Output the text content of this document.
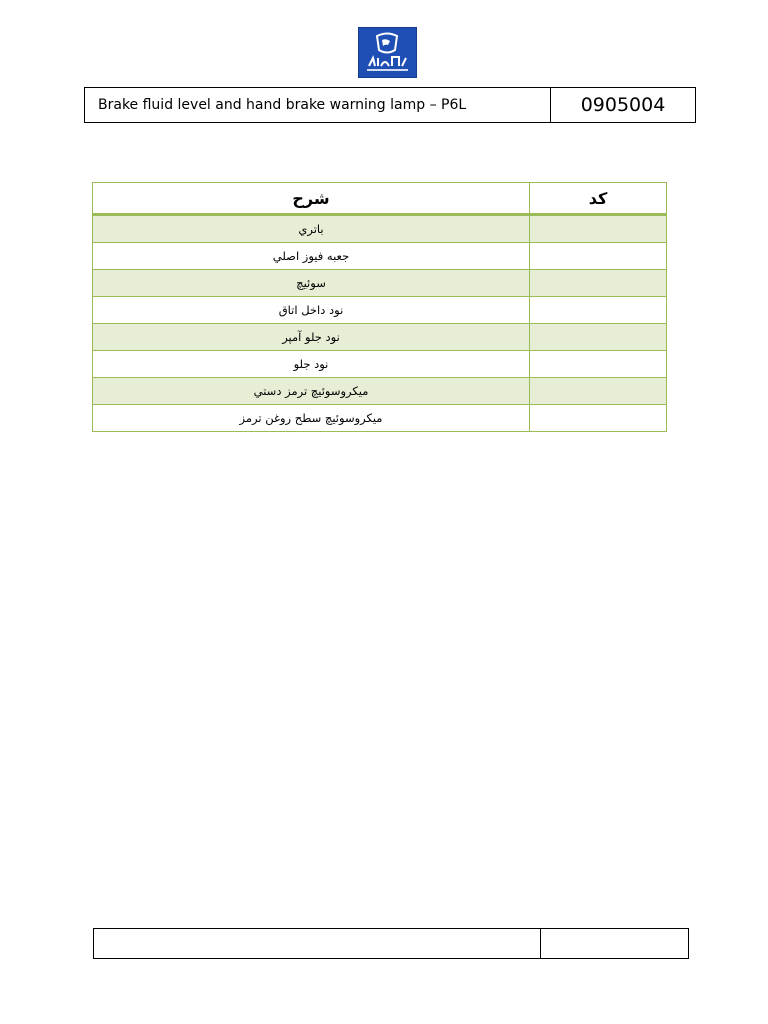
Brake fluid level and hand brake warning lamp – P6L	0905004
شرح	کد
باتري	
جعبه فيوز اصلي	
سوئيچ	
نود داخل اتاق	
نود جلو آمپر	
نود جلو	
ميكروسوئيچ ترمز دستي	
ميكروسوئيچ سطح روغن ترمز	
